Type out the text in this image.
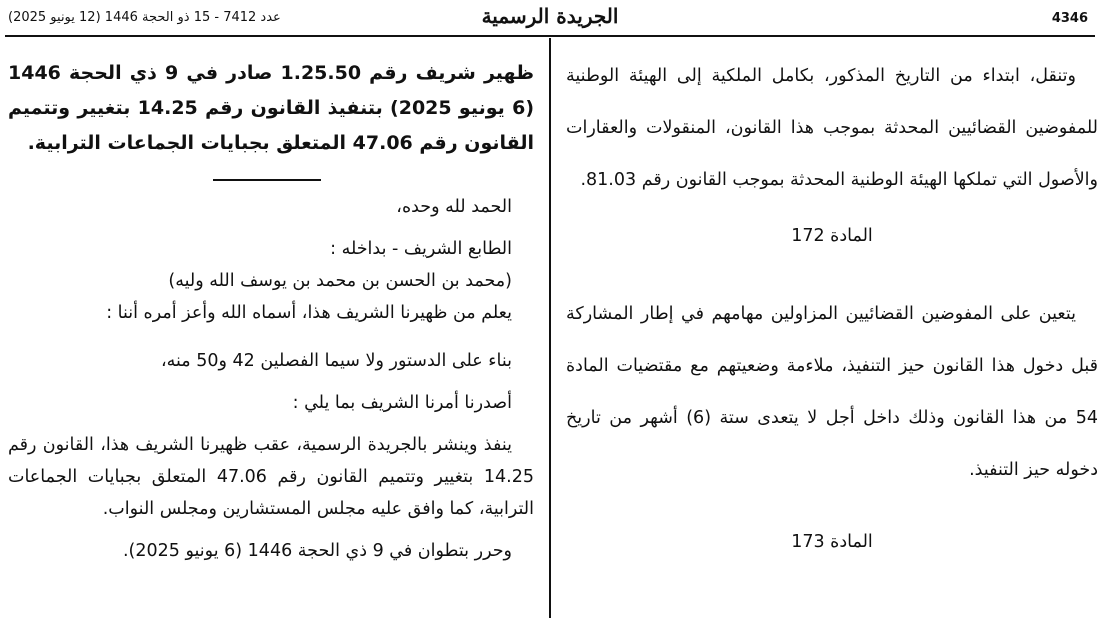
عدد 7412 - 15 ذو الحجة 1446 (12 يونيو 2025)	الجريدة الرسمية	4346

وتنقل، ابتداء من التاريخ المذكور، بكامل الملكية إلى الهيئة الوطنية للمفوضين القضائيين المحدثة بموجب هذا القانون، المنقولات والعقارات والأصول التي تملكها الهيئة الوطنية المحدثة بموجب القانون رقم 81.03.

المادة 172

يتعين على المفوضين القضائيين المزاولين مهامهم في إطار المشاركة قبل دخول هذا القانون حيز التنفيذ، ملاءمة وضعيتهم مع مقتضيات المادة 54 من هذا القانون وذلك داخل أجل لا يتعدى ستة (6) أشهر من تاريخ دخوله حيز التنفيذ.

المادة 173

ظهير شريف رقم 1.25.50 صادر في 9 ذي الحجة 1446 (6 يونيو 2025) بتنفيذ القانون رقم 14.25 بتغيير وتتميم القانون رقم 47.06 المتعلق بجبايات الجماعات الترابية.

الحمد لله وحده،

الطابع الشريف - بداخله :

(محمد بن الحسن بن محمد بن يوسف الله وليه)

يعلم من ظهيرنا الشريف هذا، أسماه الله وأعز أمره أننا :

بناء على الدستور ولا سيما الفصلين 42 و50 منه،

أصدرنا أمرنا الشريف بما يلي :

ينفذ وينشر بالجريدة الرسمية، عقب ظهيرنا الشريف هذا، القانون رقم 14.25 بتغيير وتتميم القانون رقم 47.06 المتعلق بجبايات الجماعات الترابية، كما وافق عليه مجلس المستشارين ومجلس النواب.

وحرر بتطوان في 9 ذي الحجة 1446 (6 يونيو 2025).
